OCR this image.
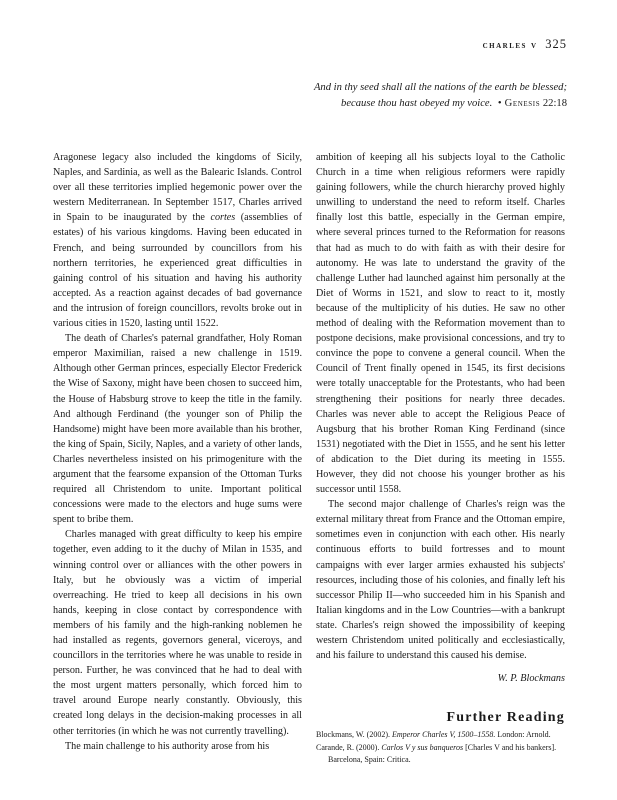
charles v 325
And in thy seed shall all the nations of the earth be blessed;
because thou hast obeyed my voice. • Genesis 22:18

Aragonese legacy also included the kingdoms of Sicily, Naples, and Sardinia, as well as the Balearic Islands. Control over all these territories implied hegemonic power over the western Mediterranean. In September 1517, Charles arrived in Spain to be inaugurated by the cortes (assemblies of estates) of his various kingdoms. Having been educated in French, and being surrounded by councillors from his northern territories, he experienced great difficulties in gaining control of his situation and having his authority accepted. As a reaction against decades of bad governance and the intrusion of foreign councillors, revolts broke out in various cities in 1520, lasting until 1522.

The death of Charles's paternal grandfather, Holy Roman emperor Maximilian, raised a new challenge in 1519. Although other German princes, especially Elector Frederick the Wise of Saxony, might have been chosen to succeed him, the House of Habsburg strove to keep the title in the family. And although Ferdinand (the younger son of Philip the Handsome) might have been more available than his brother, the king of Spain, Sicily, Naples, and a variety of other lands, Charles nevertheless insisted on his primogeniture with the argument that the fearsome expansion of the Ottoman Turks required all Christendom to unite. Important political concessions were made to the electors and huge sums were spent to bribe them.

Charles managed with great difficulty to keep his empire together, even adding to it the duchy of Milan in 1535, and winning control over or alliances with the other powers in Italy, but he obviously was a victim of imperial overreaching. He tried to keep all decisions in his own hands, keeping in close contact by correspondence with members of his family and the high-ranking noblemen he had installed as regents, governors general, viceroys, and councillors in the territories where he was unable to reside in person. Further, he was convinced that he had to deal with the most urgent matters personally, which forced him to travel around Europe nearly constantly. Obviously, this created long delays in the decision-making processes in all other territories (in which he was not currently travelling).

The main challenge to his authority arose from his

ambition of keeping all his subjects loyal to the Catholic Church in a time when religious reformers were rapidly gaining followers, while the church hierarchy proved highly unwilling to understand the need to reform itself. Charles finally lost this battle, especially in the German empire, where several princes turned to the Reformation for reasons that had as much to do with faith as with their desire for autonomy. He was late to understand the gravity of the challenge Luther had launched against him personally at the Diet of Worms in 1521, and slow to react to it, mostly because of the multiplicity of his duties. He saw no other method of dealing with the Reformation movement than to postpone decisions, make provisional concessions, and try to convince the pope to convene a general council. When the Council of Trent finally opened in 1545, its first decisions were totally unacceptable for the Protestants, who had been strengthening their positions for nearly three decades. Charles was never able to accept the Religious Peace of Augsburg that his brother Roman King Ferdinand (since 1531) negotiated with the Diet in 1555, and he sent his letter of abdication to the Diet during its meeting in 1555. However, they did not choose his younger brother as his successor until 1558.

The second major challenge of Charles's reign was the external military threat from France and the Ottoman empire, sometimes even in conjunction with each other. His nearly continuous efforts to build fortresses and to mount campaigns with ever larger armies exhausted his subjects' resources, including those of his colonies, and finally left his successor Philip II—who succeeded him in his Spanish and Italian kingdoms and in the Low Countries—with a bankrupt state. Charles's reign showed the impossibility of keeping western Christendom united politically and ecclesiastically, and his failure to understand this caused his demise.

W. P. Blockmans
Further Reading
Blockmans, W. (2002). Emperor Charles V, 1500–1558. London: Arnold.
Carande, R. (2000). Carlos V y sus banqueros [Charles V and his bankers]. Barcelona, Spain: Critica.
